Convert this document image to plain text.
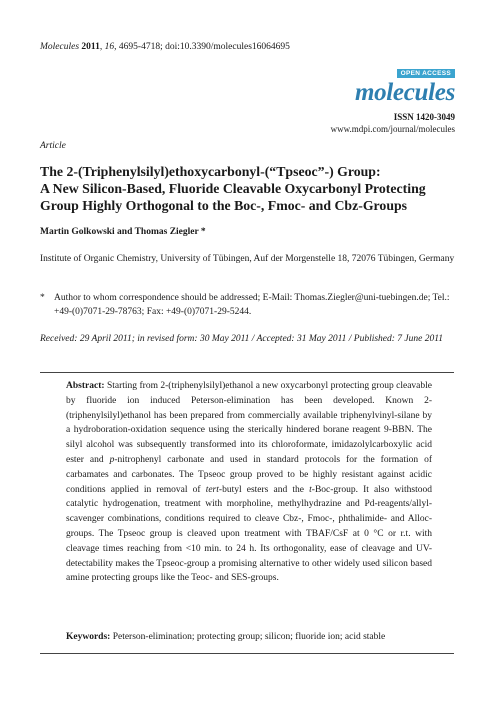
Molecules 2011, 16, 4695-4718; doi:10.3390/molecules16064695
OPEN ACCESS
molecules
ISSN 1420-3049
www.mdpi.com/journal/molecules
Article
The 2-(Triphenylsilyl)ethoxycarbonyl-(“Tpseoc”-) Group:
A New Silicon-Based, Fluoride Cleavable Oxycarbonyl Protecting
Group Highly Orthogonal to the Boc-, Fmoc- and Cbz-Groups
Martin Golkowski and Thomas Ziegler *
Institute of Organic Chemistry, University of Tübingen, Auf der Morgenstelle 18, 72076 Tübingen, Germany
* Author to whom correspondence should be addressed; E-Mail: Thomas.Ziegler@uni-tuebingen.de; Tel.: +49-(0)7071-29-78763; Fax: +49-(0)7071-29-5244.
Received: 29 April 2011; in revised form: 30 May 2011 / Accepted: 31 May 2011 / Published: 7 June 2011
Abstract: Starting from 2-(triphenylsilyl)ethanol a new oxycarbonyl protecting group cleavable by fluoride ion induced Peterson-elimination has been developed. Known 2-(triphenylsilyl)ethanol has been prepared from commercially available triphenylvinyl-silane by a hydroboration-oxidation sequence using the sterically hindered borane reagent 9-BBN. The silyl alcohol was subsequently transformed into its chloroformate, imidazolylcarboxylic acid ester and p-nitrophenyl carbonate and used in standard protocols for the formation of carbamates and carbonates. The Tpseoc group proved to be highly resistant against acidic conditions applied in removal of tert-butyl esters and the t-Boc-group. It also withstood catalytic hydrogenation, treatment with morpholine, methylhydrazine and Pd-reagents/allyl-scavenger combinations, conditions required to cleave Cbz-, Fmoc-, phthalimide- and Alloc-groups. The Tpseoc group is cleaved upon treatment with TBAF/CsF at 0 °C or r.t. with cleavage times reaching from <10 min. to 24 h. Its orthogonality, ease of cleavage and UV-detectability makes the Tpseoc-group a promising alternative to other widely used silicon based amine protecting groups like the Teoc- and SES-groups.
Keywords: Peterson-elimination; protecting group; silicon; fluoride ion; acid stable
